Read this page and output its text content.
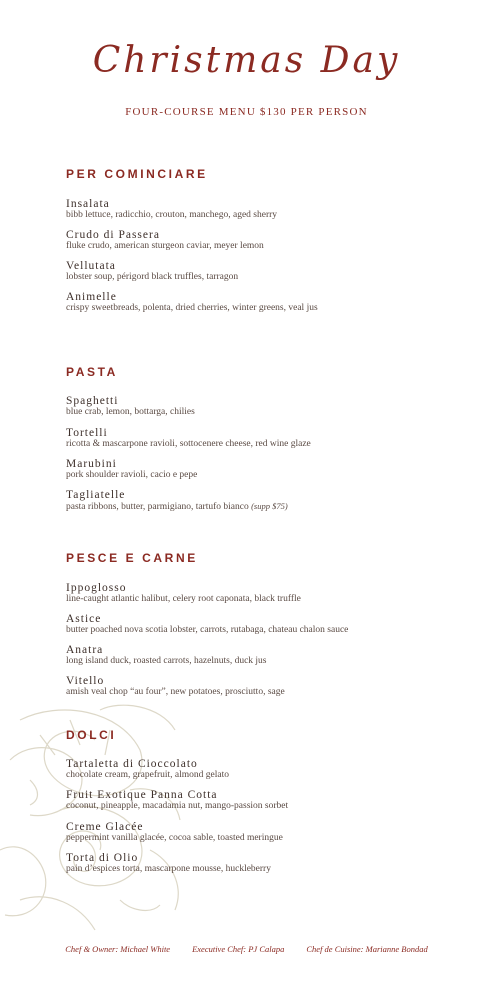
Christmas Day
FOUR-COURSE MENU $130 PER PERSON
PER COMINCIARE
Insalata
bibb lettuce, radicchio, crouton, manchego, aged sherry
Crudo di Passera
fluke crudo, american sturgeon caviar, meyer lemon
Vellutata
lobster soup, périgord black truffles, tarragon
Animelle
crispy sweetbreads, polenta, dried cherries, winter greens, veal jus
PASTA
Spaghetti
blue crab, lemon, bottarga, chilies
Tortelli
ricotta & mascarpone ravioli, sottocenere cheese, red wine glaze
Marubini
pork shoulder ravioli, cacio e pepe
Tagliatelle
pasta ribbons, butter, parmigiano, tartufo bianco (supp $75)
PESCE E CARNE
Ippoglosso
line-caught atlantic halibut, celery root caponata, black truffle
Astice
butter poached nova scotia lobster, carrots, rutabaga, chateau chalon sauce
Anatra
long island duck, roasted carrots, hazelnuts, duck jus
Vitello
amish veal chop “au four”, new potatoes, prosciutto, sage
DOLCI
Tartaletta di Cioccolato
chocolate cream, grapefruit, almond gelato
Fruit Exotique Panna Cotta
coconut, pineapple, macadamia nut, mango-passion sorbet
Creme Glacée
peppermint vanilla glacée, cocoa sable, toasted meringue
Torta di Olio
pain d’espices torta, mascarpone mousse, huckleberry
Chef & Owner: Michael White	Executive Chef: PJ Calapa	Chef de Cuisine: Marianne Bondad
